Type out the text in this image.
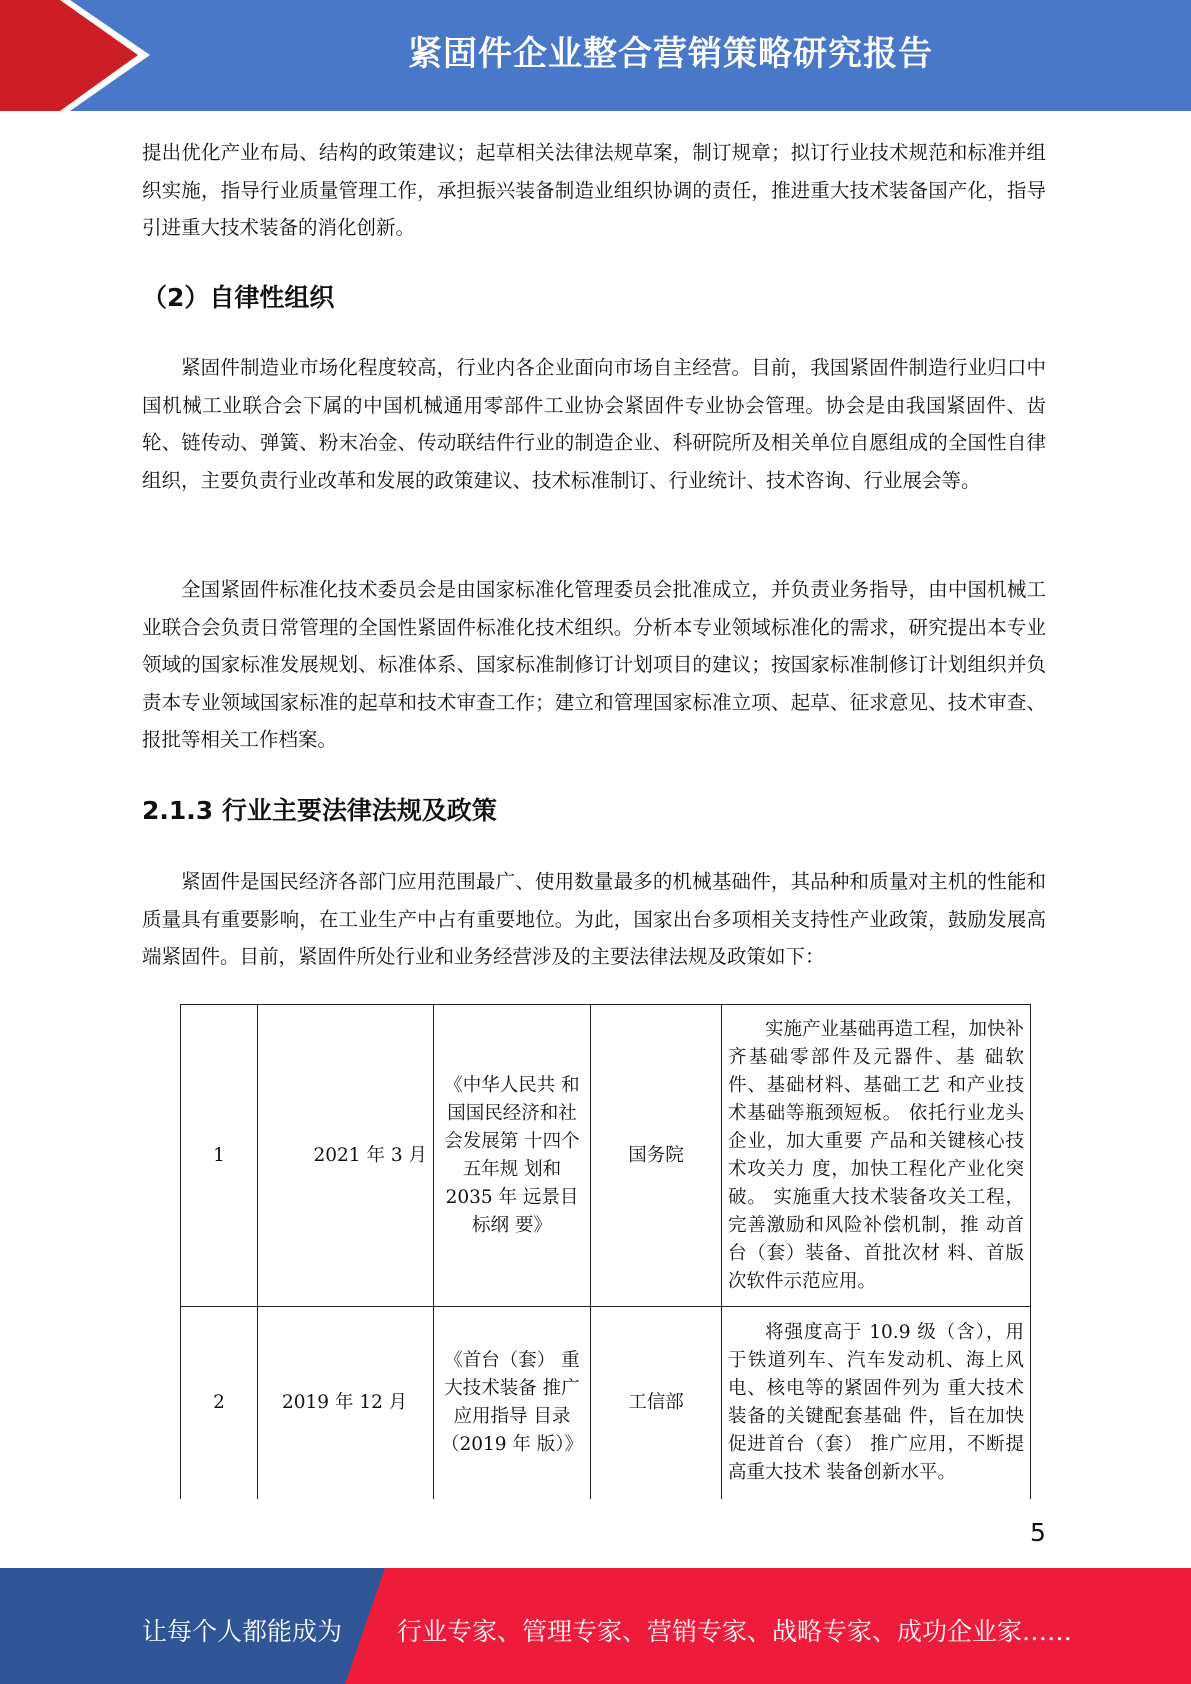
紧固件企业整合营销策略研究报告

提出优化产业布局、结构的政策建议；起草相关法律法规草案，制订规章；拟订行业技术规范和标准并组织实施，指导行业质量管理工作，承担振兴装备制造业组织协调的责任，推进重大技术装备国产化，指导引进重大技术装备的消化创新。

（2）自律性组织

紧固件制造业市场化程度较高，行业内各企业面向市场自主经营。目前，我国紧固件制造行业归口中国机械工业联合会下属的中国机械通用零部件工业协会紧固件专业协会管理。协会是由我国紧固件、齿轮、链传动、弹簧、粉末冶金、传动联结件行业的制造企业、科研院所及相关单位自愿组成的全国性自律组织，主要负责行业改革和发展的政策建议、技术标准制订、行业统计、技术咨询、行业展会等。

全国紧固件标准化技术委员会是由国家标准化管理委员会批准成立，并负责业务指导，由中国机械工业联合会负责日常管理的全国性紧固件标准化技术组织。分析本专业领域标准化的需求，研究提出本专业领域的国家标准发展规划、标准体系、国家标准制修订计划项目的建议；按国家标准制修订计划组织并负责本专业领域国家标准的起草和技术审查工作；建立和管理国家标准立项、起草、征求意见、技术审查、报批等相关工作档案。

2.1.3 行业主要法律法规及政策

紧固件是国民经济各部门应用范围最广、使用数量最多的机械基础件，其品种和质量对主机的性能和质量具有重要影响，在工业生产中占有重要地位。为此，国家出台多项相关支持性产业政策，鼓励发展高端紧固件。目前，紧固件所处行业和业务经营涉及的主要法律法规及政策如下：

1	2021 年 3 月	《中华人民共 和国国民经济和社会发展第 十四个五年规 划和 2035 年 远景目标纲 要》	国务院	实施产业基础再造工程，加快补齐基础零部件及元器件、基 础软件、基础材料、基础工艺 和产业技术基础等瓶颈短板。 依托行业龙头企业，加大重要 产品和关键核心技术攻关力 度，加快工程化产业化突破。 实施重大技术装备攻关工程， 完善激励和风险补偿机制，推 动首台（套）装备、首批次材 料、首版次软件示范应用。
2	2019 年 12 月	《首台（套） 重大技术装备 推广应用指导 目录（2019 年 版）》	工信部	将强度高于 10.9 级（含），用 于铁道列车、汽车发动机、海上风电、核电等的紧固件列为 重大技术装备的关键配套基础 件，旨在加快促进首台（套） 推广应用，不断提高重大技术 装备创新水平。
5
让每个人都能成为 行业专家、管理专家、营销专家、战略专家、成功企业家……
